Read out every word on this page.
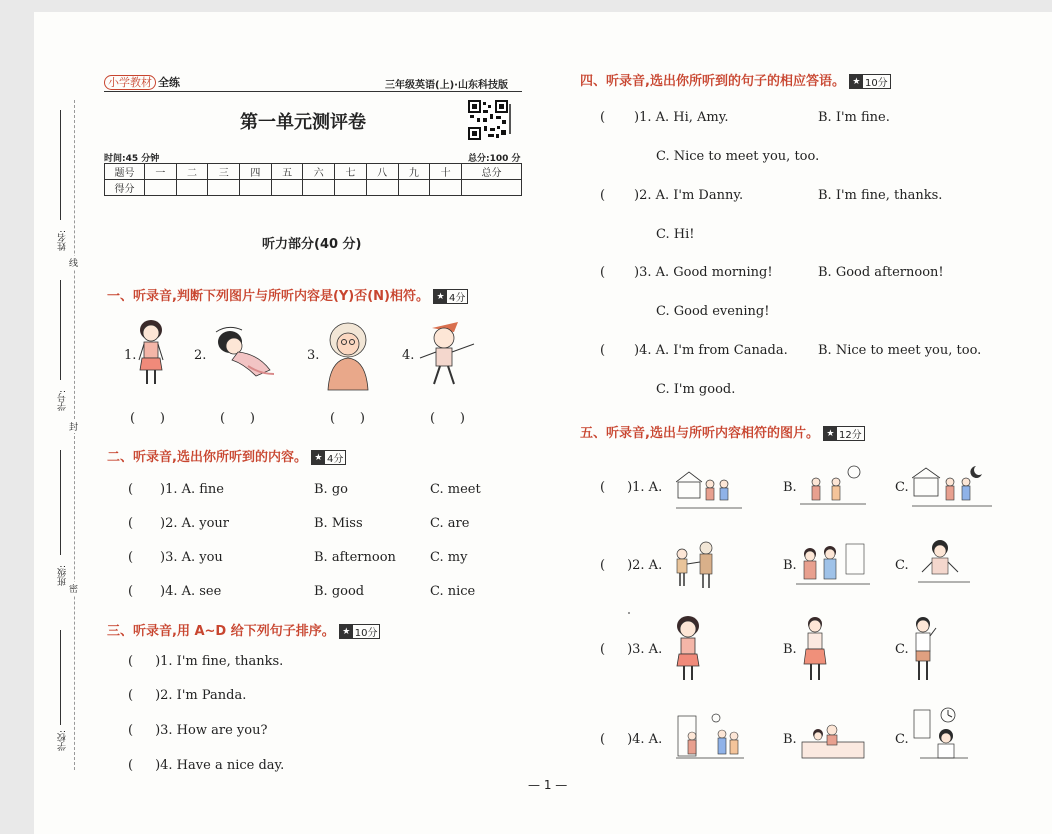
姓名:
线
学号:
封
班级:
密
学校:
小学教材 全练	三年级英语(上)·山东科技版
第一单元测评卷
时间:45 分钟	总分:100 分
题号	一	二	三	四	五	六	七	八	九	十	总分
得分											
听力部分(40 分)
一、听录音,判断下列图片与所听内容是(Y)否(N)相符。 ★ 4分
1.	2.	3.	4.
(      )	(      )	(      )	(      )
二、听录音,选出你所听到的内容。 ★ 4分
( )1. A. fine	B. go	C. meet
( )2. A. your	B. Miss	C. are
( )3. A. you	B. afternoon	C. my
( )4. A. see	B. good	C. nice
三、听录音,用 A~D 给下列句子排序。 ★ 10分
( )1. I'm fine, thanks.
( )2. I'm Panda.
( )3. How are you?
( )4. Have a nice day.
四、听录音,选出你所听到的句子的相应答语。 ★ 10分
( )1. A. Hi, Amy.	B. I'm fine.
C. Nice to meet you, too.
( )2. A. I'm Danny.	B. I'm fine, thanks.
C. Hi!
( )3. A. Good morning!	B. Good afternoon!
C. Good evening!
( )4. A. I'm from Canada. B. Nice to meet you, too.
C. I'm good.
五、听录音,选出与所听内容相符的图片。 ★ 12分
( )1. A.	B.	C.
( )2. A.	B.	C.
( )3. A.	B.	C.
( )4. A.	B.	C.
— 1 —
